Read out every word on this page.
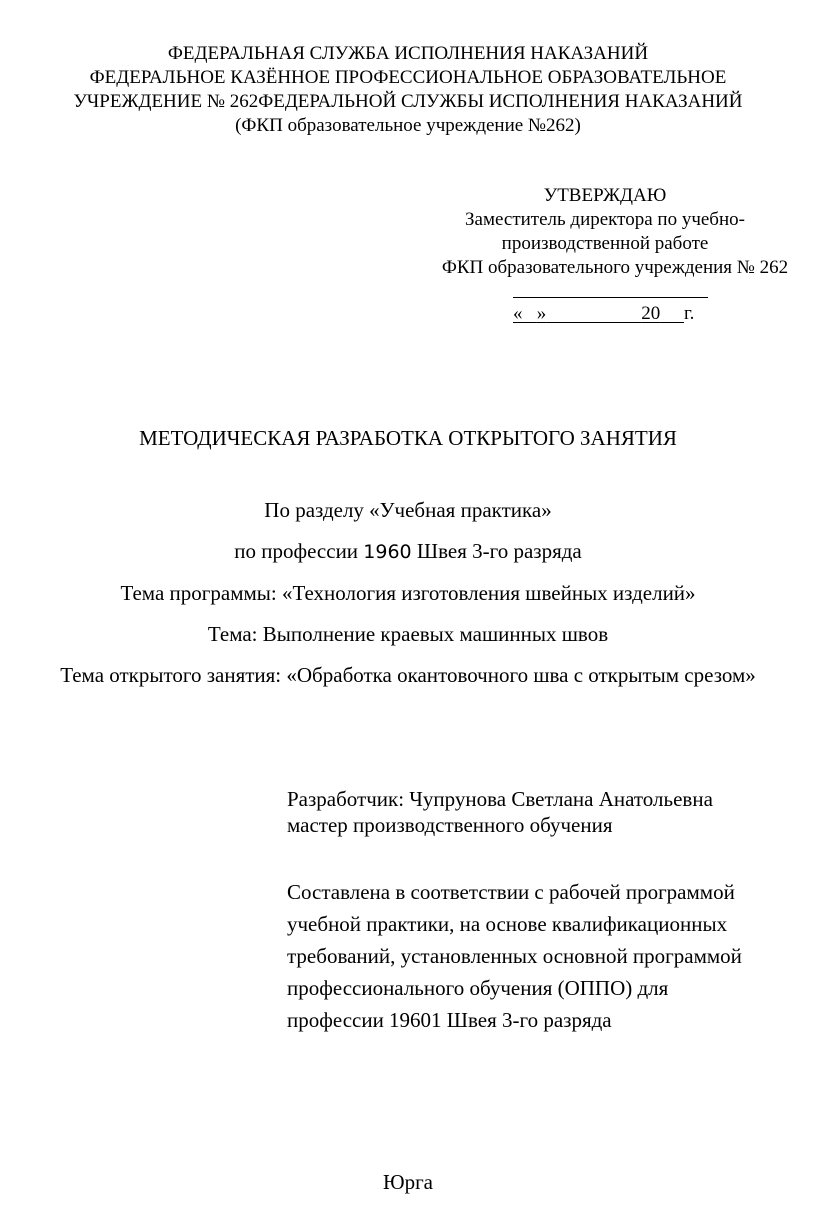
ФЕДЕРАЛЬНАЯ СЛУЖБА ИСПОЛНЕНИЯ НАКАЗАНИЙ
ФЕДЕРАЛЬНОЕ КАЗЁННОЕ ПРОФЕССИОНАЛЬНОЕ ОБРАЗОВАТЕЛЬНОЕ
УЧРЕЖДЕНИЕ № 262ФЕДЕРАЛЬНОЙ СЛУЖБЫ ИСПОЛНЕНИЯ НАКАЗАНИЙ
(ФКП образовательное учреждение №262)
УТВЕРЖДАЮ
Заместитель директора по учебно-
производственной работе
ФКП образовательного учреждения № 262
« »	20 г.
МЕТОДИЧЕСКАЯ РАЗРАБОТКА ОТКРЫТОГО ЗАНЯТИЯ
По разделу «Учебная практика»
по профессии 1960 Швея 3-го разряда
Тема программы: «Технология изготовления швейных изделий»
Тема: Выполнение краевых машинных швов
Тема открытого занятия: «Обработка окантовочного шва с открытым срезом»
Разработчик: Чупрунова Светлана Анатольевна
мастер производственного обучения
Составлена в соответствии с рабочей программой
учебной практики, на основе квалификационных
требований, установленных основной программой
профессионального обучения (ОППО) для
профессии 19601 Швея 3-го разряда
Юрга
